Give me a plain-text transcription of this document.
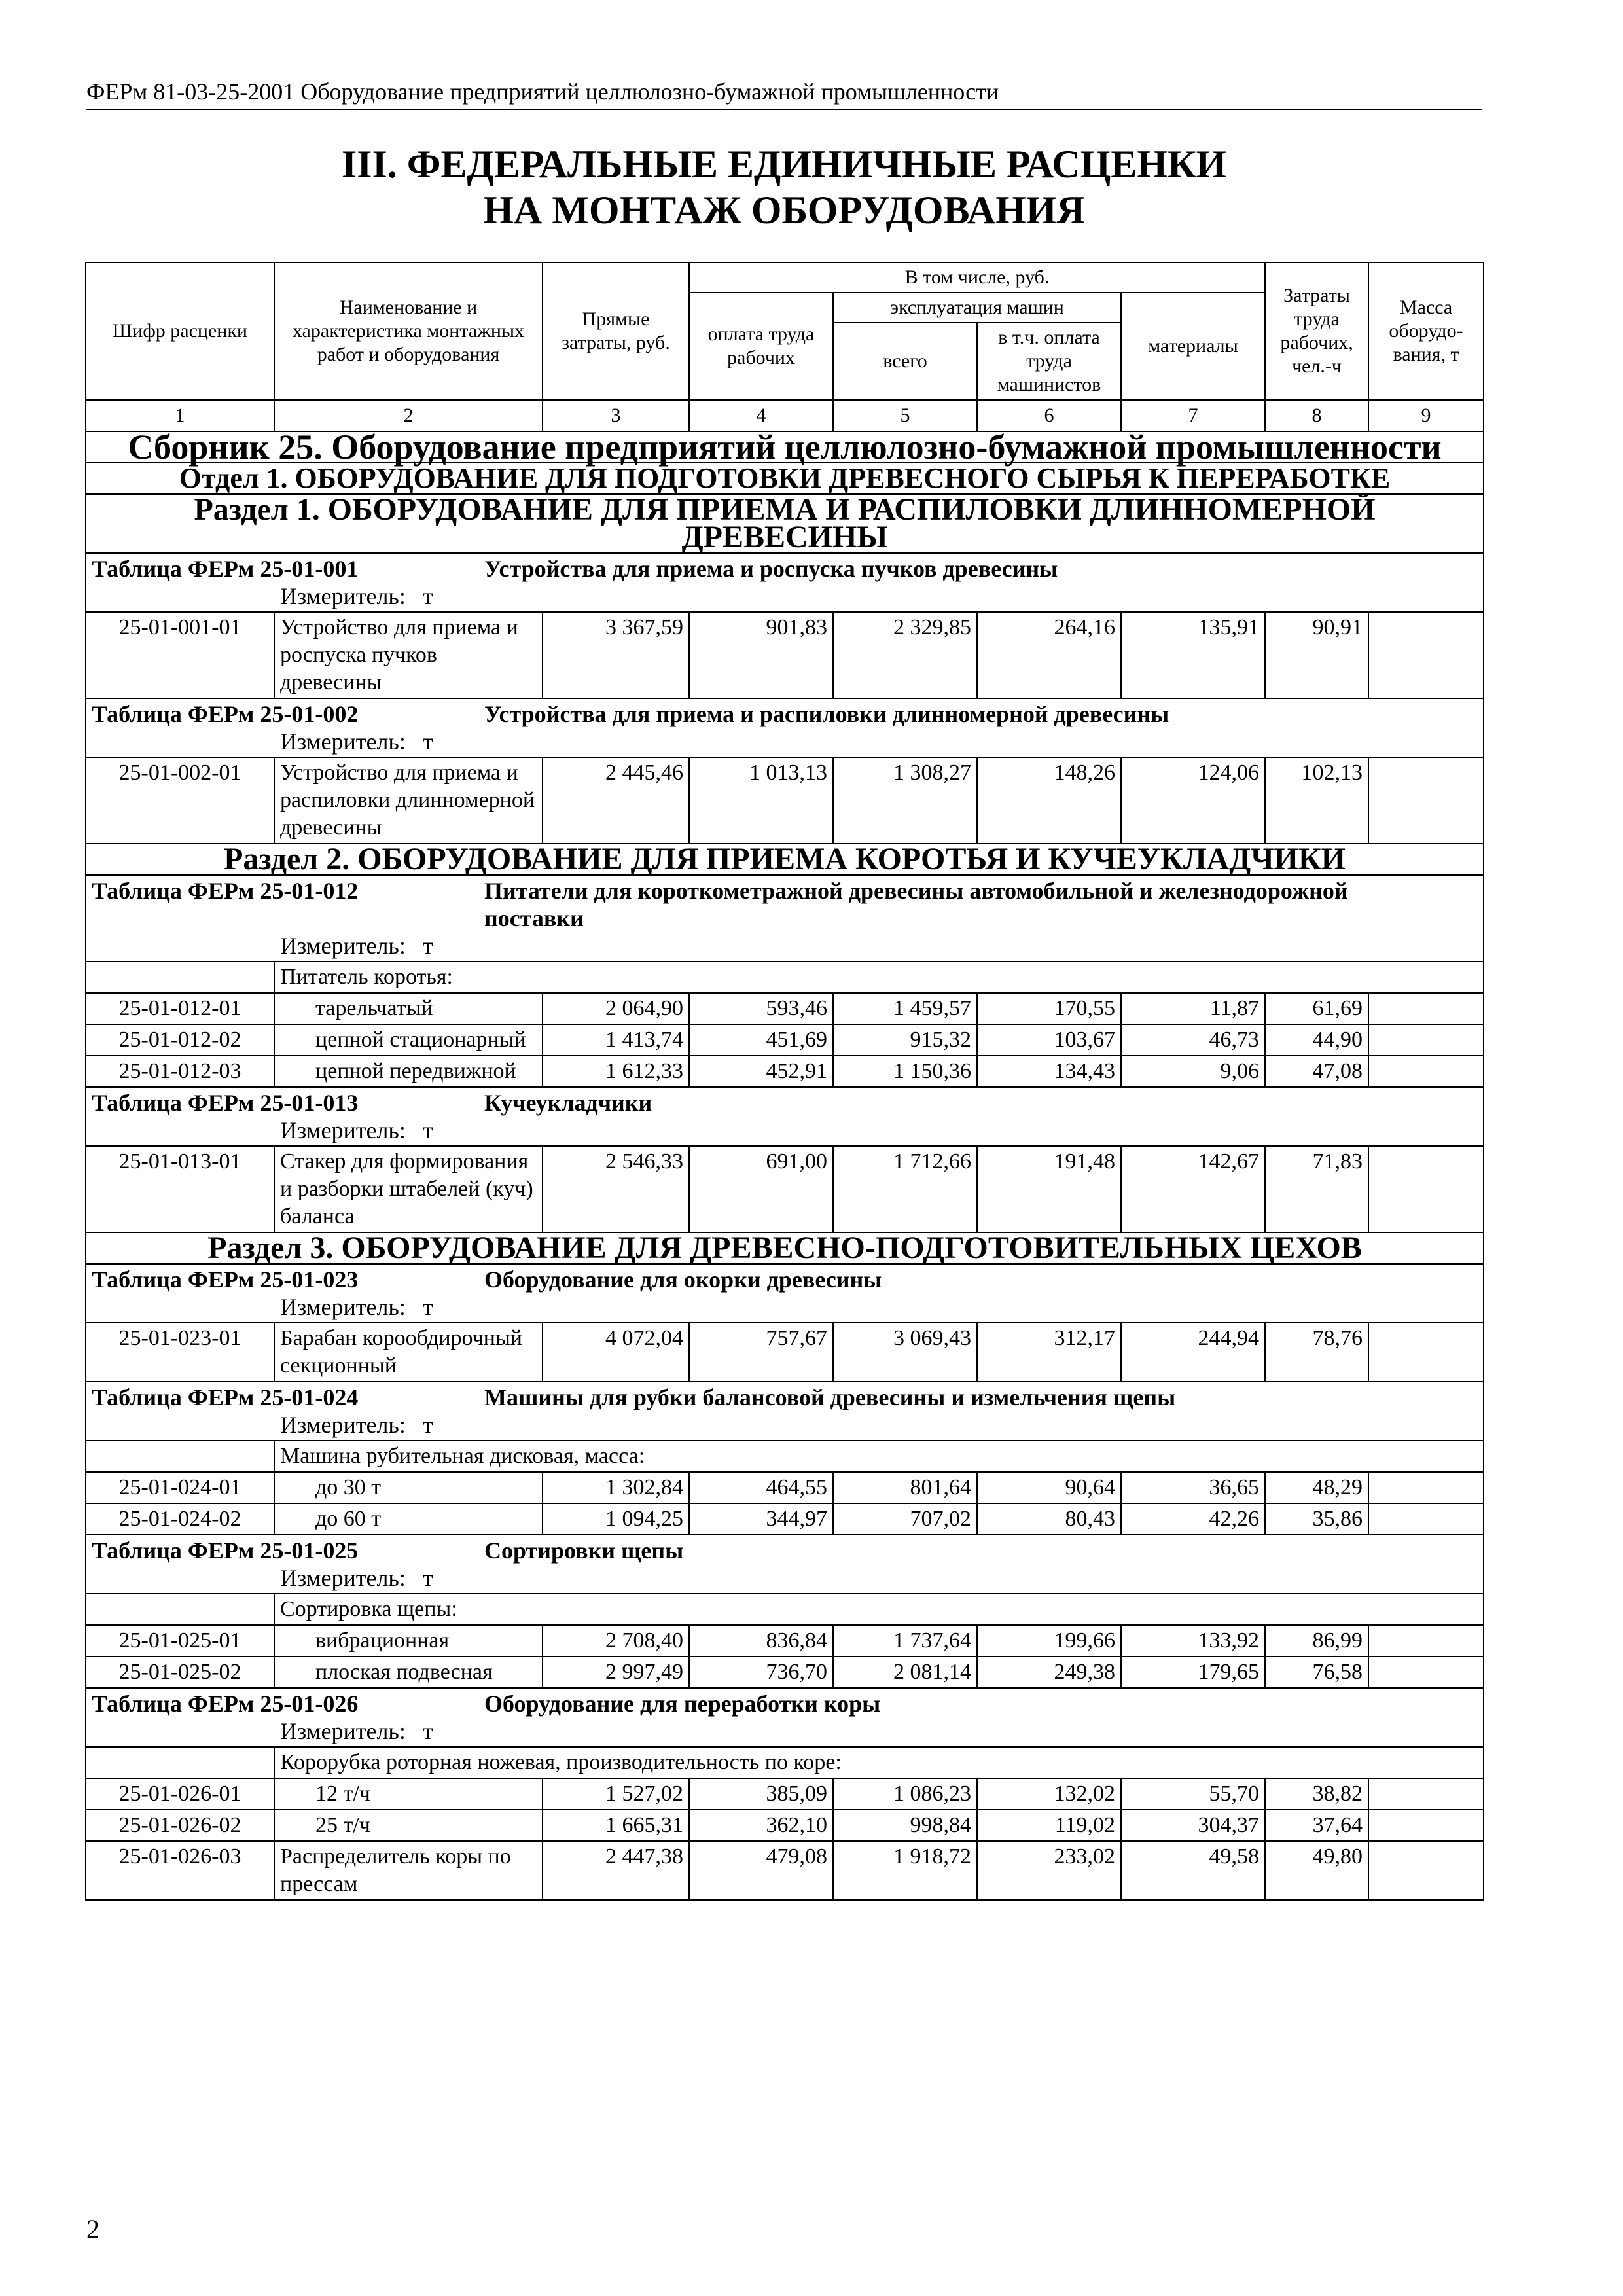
ФЕРм 81-03-25-2001 Оборудование предприятий целлюлозно-бумажной промышленности
III. ФЕДЕРАЛЬНЫЕ ЕДИНИЧНЫЕ РАСЦЕНКИ
НА МОНТАЖ ОБОРУДОВАНИЯ
Шифр расценки	Наименование и характеристика монтажных работ и оборудования	Прямые затраты, руб.	В том числе, руб.				Затраты труда рабочих, чел.-ч	Масса оборудо-вания, т
			оплата труда рабочих	эксплуатация машин		материалы		
				всего	в т.ч. оплата труда машинистов			
1	2	3	4	5	6	7	8	9
Сборник 25. Оборудование предприятий целлюлозно-бумажной промышленности								
Отдел 1. ОБОРУДОВАНИЕ ДЛЯ ПОДГОТОВКИ ДРЕВЕСНОГО СЫРЬЯ К ПЕРЕРАБОТКЕ								
Раздел 1. ОБОРУДОВАНИЕ ДЛЯ ПРИЕМА И РАСПИЛОВКИ ДЛИННОМЕРНОЙ ДРЕВЕСИНЫ								
Таблица ФЕРм 25-01-001 Устройства для приема и роспуска пучков древесины
Измеритель: т								

25-01-001-01	Устройство для приема и роспуска пучков древесины	3 367,59	901,83	2 329,85	264,16	135,91	90,91	
Таблица ФЕРм 25-01-002 Устройства для приема и распиловки длинномерной древесины
Измеритель: т								

25-01-002-01	Устройство для приема и распиловки длинномерной древесины	2 445,46	1 013,13	1 308,27	148,26	124,06	102,13	
Раздел 2. ОБОРУДОВАНИЕ ДЛЯ ПРИЕМА КОРОТЬЯ И КУЧЕУКЛАДЧИКИ								
Таблица ФЕРм 25-01-012 Питатели для короткометражной древесины автомобильной и железнодорожной поставки
Измеритель: т								

	Питатель коротья:							
25-01-012-01	тарельчатый	2 064,90	593,46	1 459,57	170,55	11,87	61,69	
25-01-012-02	цепной стационарный	1 413,74	451,69	915,32	103,67	46,73	44,90	
25-01-012-03	цепной передвижной	1 612,33	452,91	1 150,36	134,43	9,06	47,08	
Таблица ФЕРм 25-01-013 Кучеукладчики
Измеритель: т								

25-01-013-01	Стакер для формирования и разборки штабелей (куч) баланса	2 546,33	691,00	1 712,66	191,48	142,67	71,83	
Раздел 3. ОБОРУДОВАНИЕ ДЛЯ ДРЕВЕСНО-ПОДГОТОВИТЕЛЬНЫХ ЦЕХОВ								
Таблица ФЕРм 25-01-023 Оборудование для окорки древесины
Измеритель: т								

25-01-023-01	Барабан корообдирочный секционный	4 072,04	757,67	3 069,43	312,17	244,94	78,76	
Таблица ФЕРм 25-01-024 Машины для рубки балансовой древесины и измельчения щепы
Измеритель: т								

	Машина рубительная дисковая, масса:							
25-01-024-01	до 30 т	1 302,84	464,55	801,64	90,64	36,65	48,29	
25-01-024-02	до 60 т	1 094,25	344,97	707,02	80,43	42,26	35,86	
Таблица ФЕРм 25-01-025 Сортировки щепы
Измеритель: т								

	Сортировка щепы:							
25-01-025-01	вибрационная	2 708,40	836,84	1 737,64	199,66	133,92	86,99	
25-01-025-02	плоская подвесная	2 997,49	736,70	2 081,14	249,38	179,65	76,58	
Таблица ФЕРм 25-01-026 Оборудование для переработки коры
Измеритель: т								

	Корорубка роторная ножевая, производительность по коре:							
25-01-026-01	12 т/ч	1 527,02	385,09	1 086,23	132,02	55,70	38,82	
25-01-026-02	25 т/ч	1 665,31	362,10	998,84	119,02	304,37	37,64	
25-01-026-03	Распределитель коры по прессам	2 447,38	479,08	1 918,72	233,02	49,58	49,80	
2
